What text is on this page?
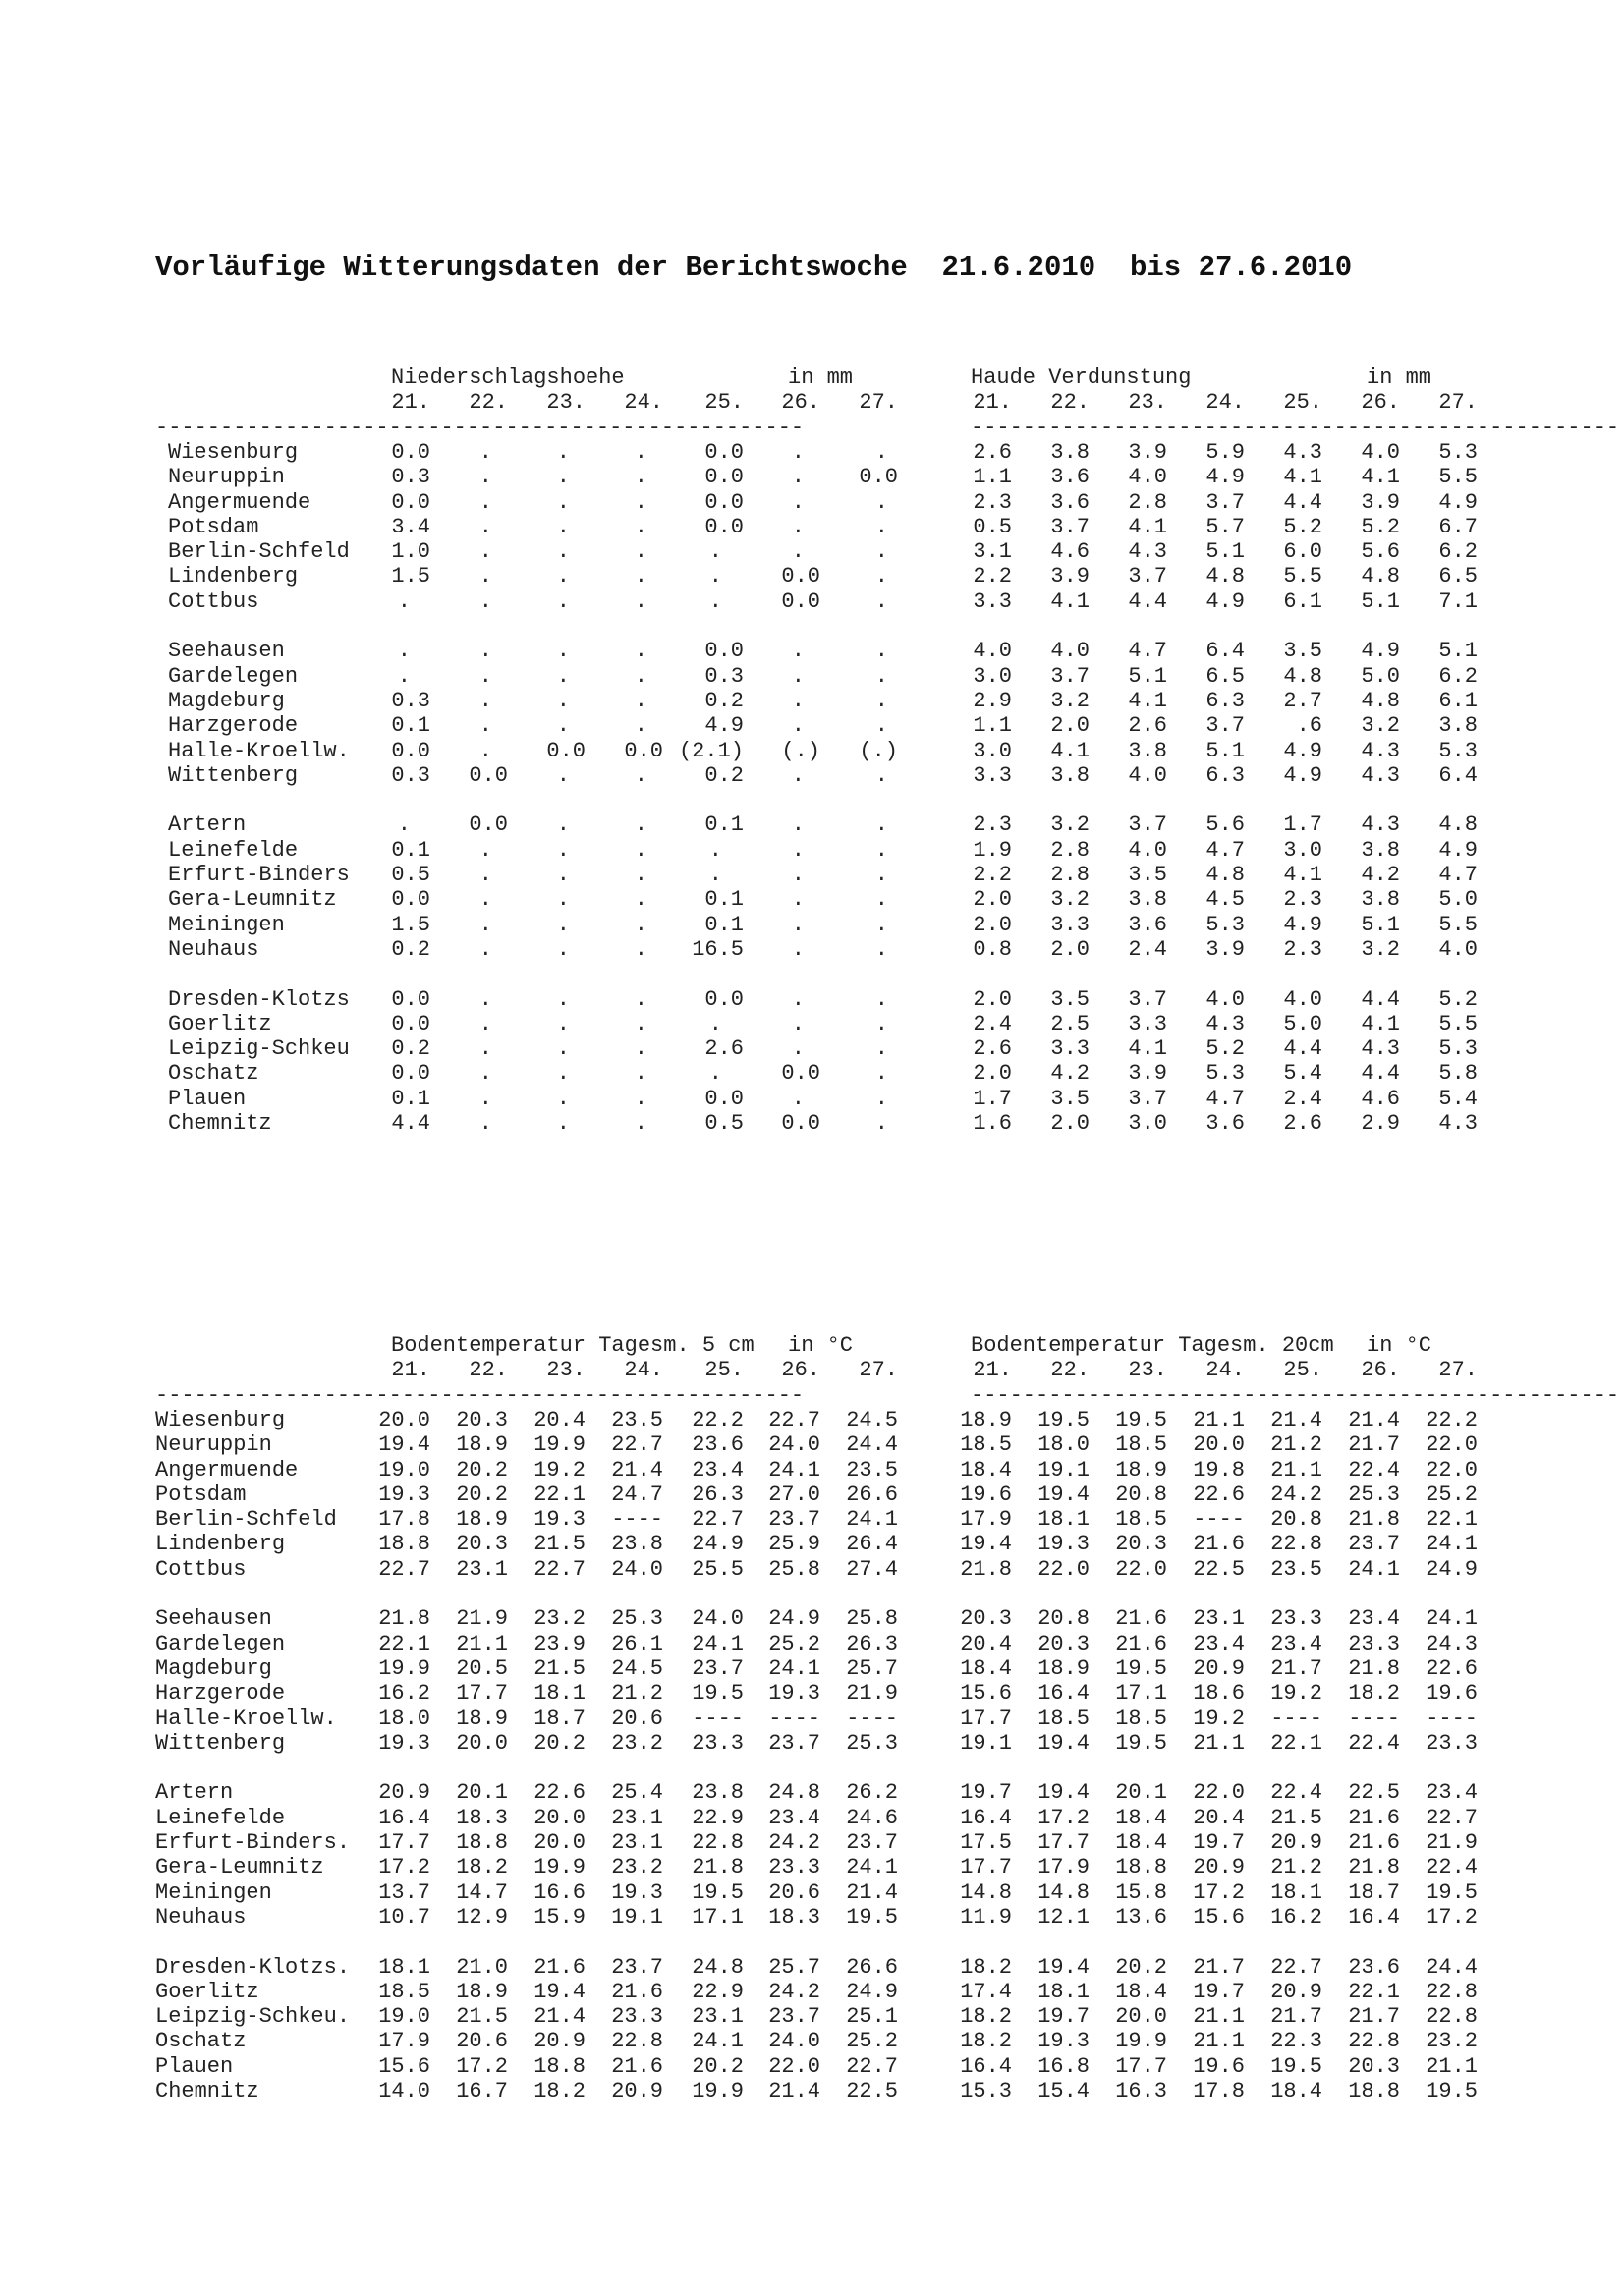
Vorläufige Witterungsdaten der Berichtswoche  21.6.2010  bis 27.6.2010
Niederschlagshoehe	in mm	Haude Verdunstung	in mm
21.	21.
22.	22.
23.	23.
24.	24.
25.	25.
26.	26.
27.	27.
--------------------------------------------------	--------------------------------------------------
Wiesenburg	0.0	.	.	.	0.0	.	.	2.6	3.8	3.9	5.9	4.3	4.0	5.3
Neuruppin	0.3	.	.	.	0.0	.	0.0	1.1	3.6	4.0	4.9	4.1	4.1	5.5
Angermuende	0.0	.	.	.	0.0	.	.	2.3	3.6	2.8	3.7	4.4	3.9	4.9
Potsdam	3.4	.	.	.	0.0	.	.	0.5	3.7	4.1	5.7	5.2	5.2	6.7
Berlin-Schfeld	1.0	.	.	.	.	.	.	3.1	4.6	4.3	5.1	6.0	5.6	6.2
Lindenberg	1.5	.	.	.	.	0.0	.	2.2	3.9	3.7	4.8	5.5	4.8	6.5
Cottbus	.	.	.	.	.	0.0	.	3.3	4.1	4.4	4.9	6.1	5.1	7.1
Seehausen	.	.	.	.	0.0	.	.	4.0	4.0	4.7	6.4	3.5	4.9	5.1
Gardelegen	.	.	.	.	0.3	.	.	3.0	3.7	5.1	6.5	4.8	5.0	6.2
Magdeburg	0.3	.	.	.	0.2	.	.	2.9	3.2	4.1	6.3	2.7	4.8	6.1
Harzgerode	0.1	.	.	.	4.9	.	.	1.1	2.0	2.6	3.7	.6	3.2	3.8
Halle-Kroellw.	0.0	.	0.0	0.0 (2.1)	(.)	(.)	3.0	4.1	3.8	5.1	4.9	4.3	5.3
Wittenberg	0.3	0.0	.	.	0.2	.	.	3.3	3.8	4.0	6.3	4.9	4.3	6.4
Artern	.	0.0	.	.	0.1	.	.	2.3	3.2	3.7	5.6	1.7	4.3	4.8
Leinefelde	0.1	.	.	.	.	.	.	1.9	2.8	4.0	4.7	3.0	3.8	4.9
Erfurt-Binders	0.5	.	.	.	.	.	.	2.2	2.8	3.5	4.8	4.1	4.2	4.7
Gera-Leumnitz	0.0	.	.	.	0.1	.	.	2.0	3.2	3.8	4.5	2.3	3.8	5.0
Meiningen	1.5	.	.	.	0.1	.	.	2.0	3.3	3.6	5.3	4.9	5.1	5.5
Neuhaus	0.2	.	.	.	16.5	.	.	0.8	2.0	2.4	3.9	2.3	3.2	4.0
Dresden-Klotzs	0.0	.	.	.	0.0	.	.	2.0	3.5	3.7	4.0	4.0	4.4	5.2
Goerlitz	0.0	.	.	.	.	.	.	2.4	2.5	3.3	4.3	5.0	4.1	5.5
Leipzig-Schkeu	0.2	.	.	.	2.6	.	.	2.6	3.3	4.1	5.2	4.4	4.3	5.3
Oschatz	0.0	.	.	.	.	0.0	.	2.0	4.2	3.9	5.3	5.4	4.4	5.8
Plauen	0.1	.	.	.	0.0	.	.	1.7	3.5	3.7	4.7	2.4	4.6	5.4
Chemnitz	4.4	.	.	.	0.5	0.0	.	1.6	2.0	3.0	3.6	2.6	2.9	4.3
Bodentemperatur Tagesm. 5 cm in °C	Bodentemperatur Tagesm. 20cm in °C
21.	21.
22.	22.
23.	23.
24.	24.
25.	25.
26.	26.
27.	27.
--------------------------------------------------	--------------------------------------------------
Wiesenburg	20.0	20.3	20.4	23.5	22.2	22.7	24.5	18.9	19.5	19.5	21.1	21.4	21.4	22.2
Neuruppin	19.4	18.9	19.9	22.7	23.6	24.0	24.4	18.5	18.0	18.5	20.0	21.2	21.7	22.0
Angermuende	19.0	20.2	19.2	21.4	23.4	24.1	23.5	18.4	19.1	18.9	19.8	21.1	22.4	22.0
Potsdam	19.3	20.2	22.1	24.7	26.3	27.0	26.6	19.6	19.4	20.8	22.6	24.2	25.3	25.2
Berlin-Schfeld	17.8	18.9	19.3	----	22.7	23.7	24.1	17.9	18.1	18.5	----	20.8	21.8	22.1
Lindenberg	18.8	20.3	21.5	23.8	24.9	25.9	26.4	19.4	19.3	20.3	21.6	22.8	23.7	24.1
Cottbus	22.7	23.1	22.7	24.0	25.5	25.8	27.4	21.8	22.0	22.0	22.5	23.5	24.1	24.9
Seehausen	21.8	21.9	23.2	25.3	24.0	24.9	25.8	20.3	20.8	21.6	23.1	23.3	23.4	24.1
Gardelegen	22.1	21.1	23.9	26.1	24.1	25.2	26.3	20.4	20.3	21.6	23.4	23.4	23.3	24.3
Magdeburg	19.9	20.5	21.5	24.5	23.7	24.1	25.7	18.4	18.9	19.5	20.9	21.7	21.8	22.6
Harzgerode	16.2	17.7	18.1	21.2	19.5	19.3	21.9	15.6	16.4	17.1	18.6	19.2	18.2	19.6
Halle-Kroellw.	18.0	18.9	18.7	20.6	----	----	----	17.7	18.5	18.5	19.2	----	----	----
Wittenberg	19.3	20.0	20.2	23.2	23.3	23.7	25.3	19.1	19.4	19.5	21.1	22.1	22.4	23.3
Artern	20.9	20.1	22.6	25.4	23.8	24.8	26.2	19.7	19.4	20.1	22.0	22.4	22.5	23.4
Leinefelde	16.4	18.3	20.0	23.1	22.9	23.4	24.6	16.4	17.2	18.4	20.4	21.5	21.6	22.7
Erfurt-Binders.	17.7	18.8	20.0	23.1	22.8	24.2	23.7	17.5	17.7	18.4	19.7	20.9	21.6	21.9
Gera-Leumnitz	17.2	18.2	19.9	23.2	21.8	23.3	24.1	17.7	17.9	18.8	20.9	21.2	21.8	22.4
Meiningen	13.7	14.7	16.6	19.3	19.5	20.6	21.4	14.8	14.8	15.8	17.2	18.1	18.7	19.5
Neuhaus	10.7	12.9	15.9	19.1	17.1	18.3	19.5	11.9	12.1	13.6	15.6	16.2	16.4	17.2
Dresden-Klotzs.	18.1	21.0	21.6	23.7	24.8	25.7	26.6	18.2	19.4	20.2	21.7	22.7	23.6	24.4
Goerlitz	18.5	18.9	19.4	21.6	22.9	24.2	24.9	17.4	18.1	18.4	19.7	20.9	22.1	22.8
Leipzig-Schkeu.	19.0	21.5	21.4	23.3	23.1	23.7	25.1	18.2	19.7	20.0	21.1	21.7	21.7	22.8
Oschatz	17.9	20.6	20.9	22.8	24.1	24.0	25.2	18.2	19.3	19.9	21.1	22.3	22.8	23.2
Plauen	15.6	17.2	18.8	21.6	20.2	22.0	22.7	16.4	16.8	17.7	19.6	19.5	20.3	21.1
Chemnitz	14.0	16.7	18.2	20.9	19.9	21.4	22.5	15.3	15.4	16.3	17.8	18.4	18.8	19.5
